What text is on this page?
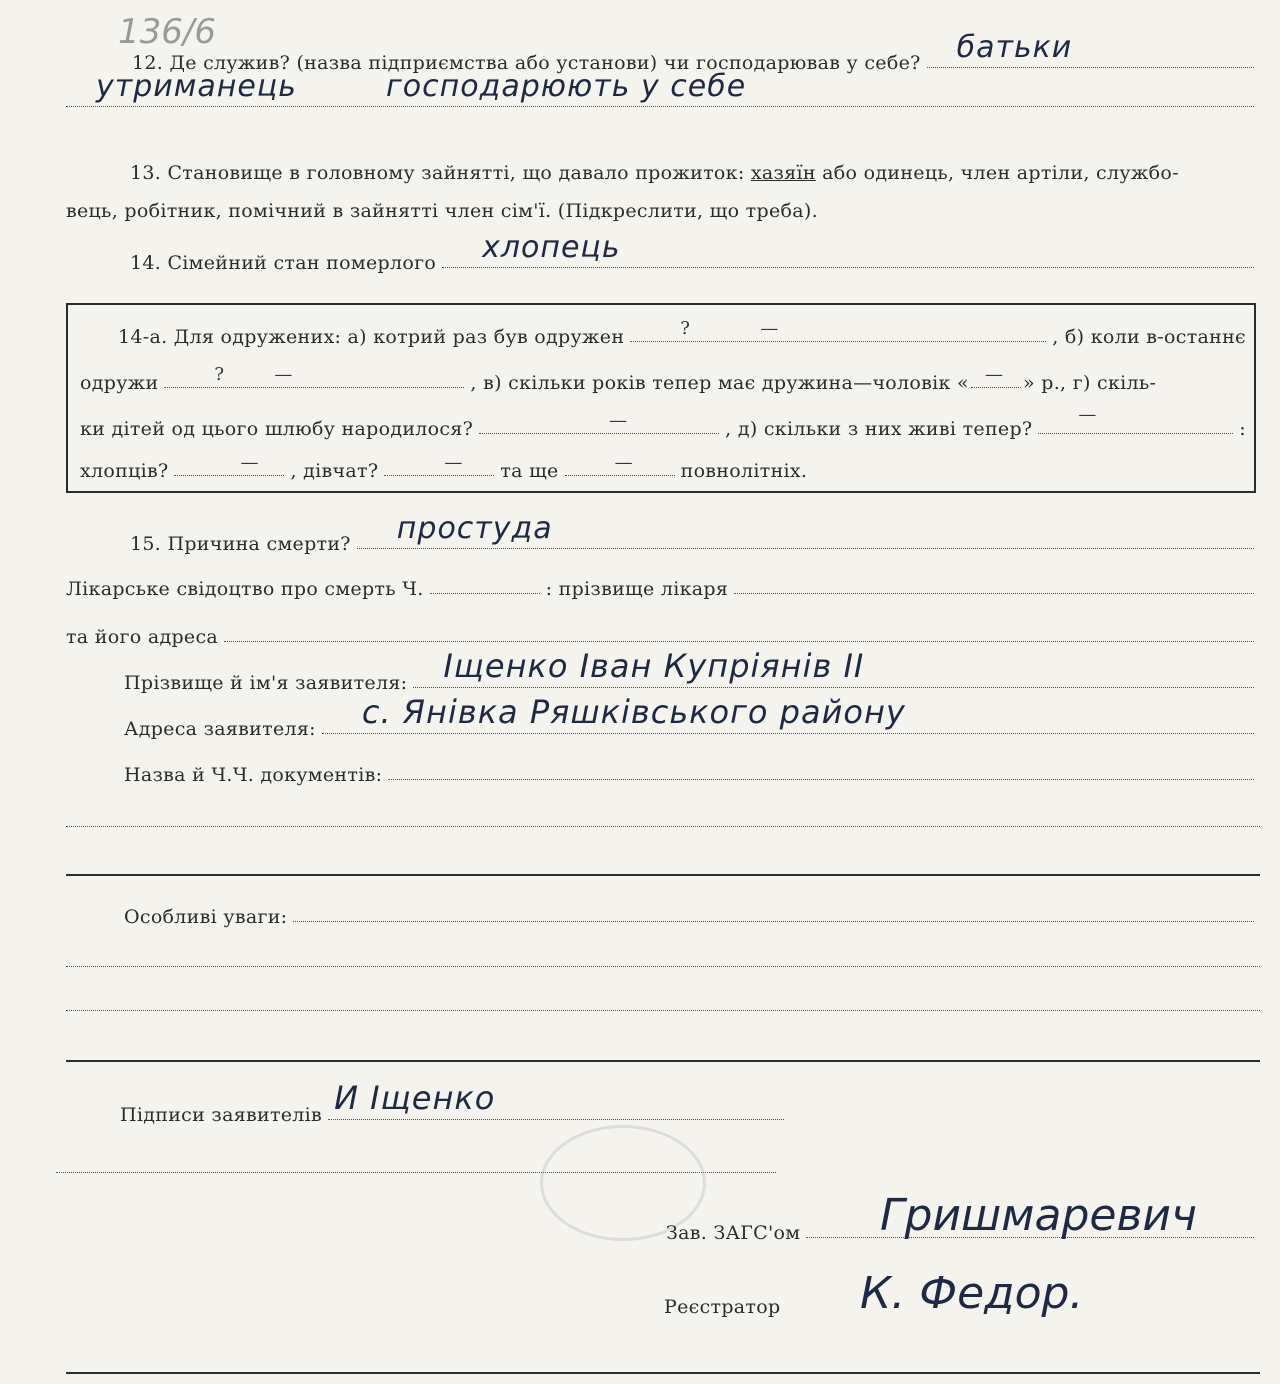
136/6
12. Де служив? (назва підприємства або установи) чи господарював у себе? батьки
утриманець	господарюють у себе
13. Становище в головному зайнятті, що давало прожиток:
хазяїн
або одинець, член артіли, службо-
вець, робітник, помічний в зайнятті член сім'ї. (Підкреслити, що треба).
14. Сімейний стан померлого хлопець
14-а. Для одружених: а) котрий раз був одружен	?	—	, б) коли в-останнє
одружи	?	—	, в) скільки років тепер має дружина—чоловік « — » р., г) скіль-
ки дітей од цього шлюбу народилося?	—	, д) скільки з них живі тепер?
—
:
хлопців?	— , дівчат?	— та ще	—	повнолітніх.
15. Причина смерти? простуда
Лікарське свідоцтво про смерть Ч.	: прізвище лікаря
та його адреса
Прізвище й ім'я заявителя: Іщенко Іван Купріянів II
Адреса заявителя: с. Янівка Ряшківського району
Назва й Ч.Ч. документів:
Особливі уваги:
Підписи заявителів И Іщенко
Зав. ЗАГС'ом Гришмаревич
Реєстратор К. Федор.
